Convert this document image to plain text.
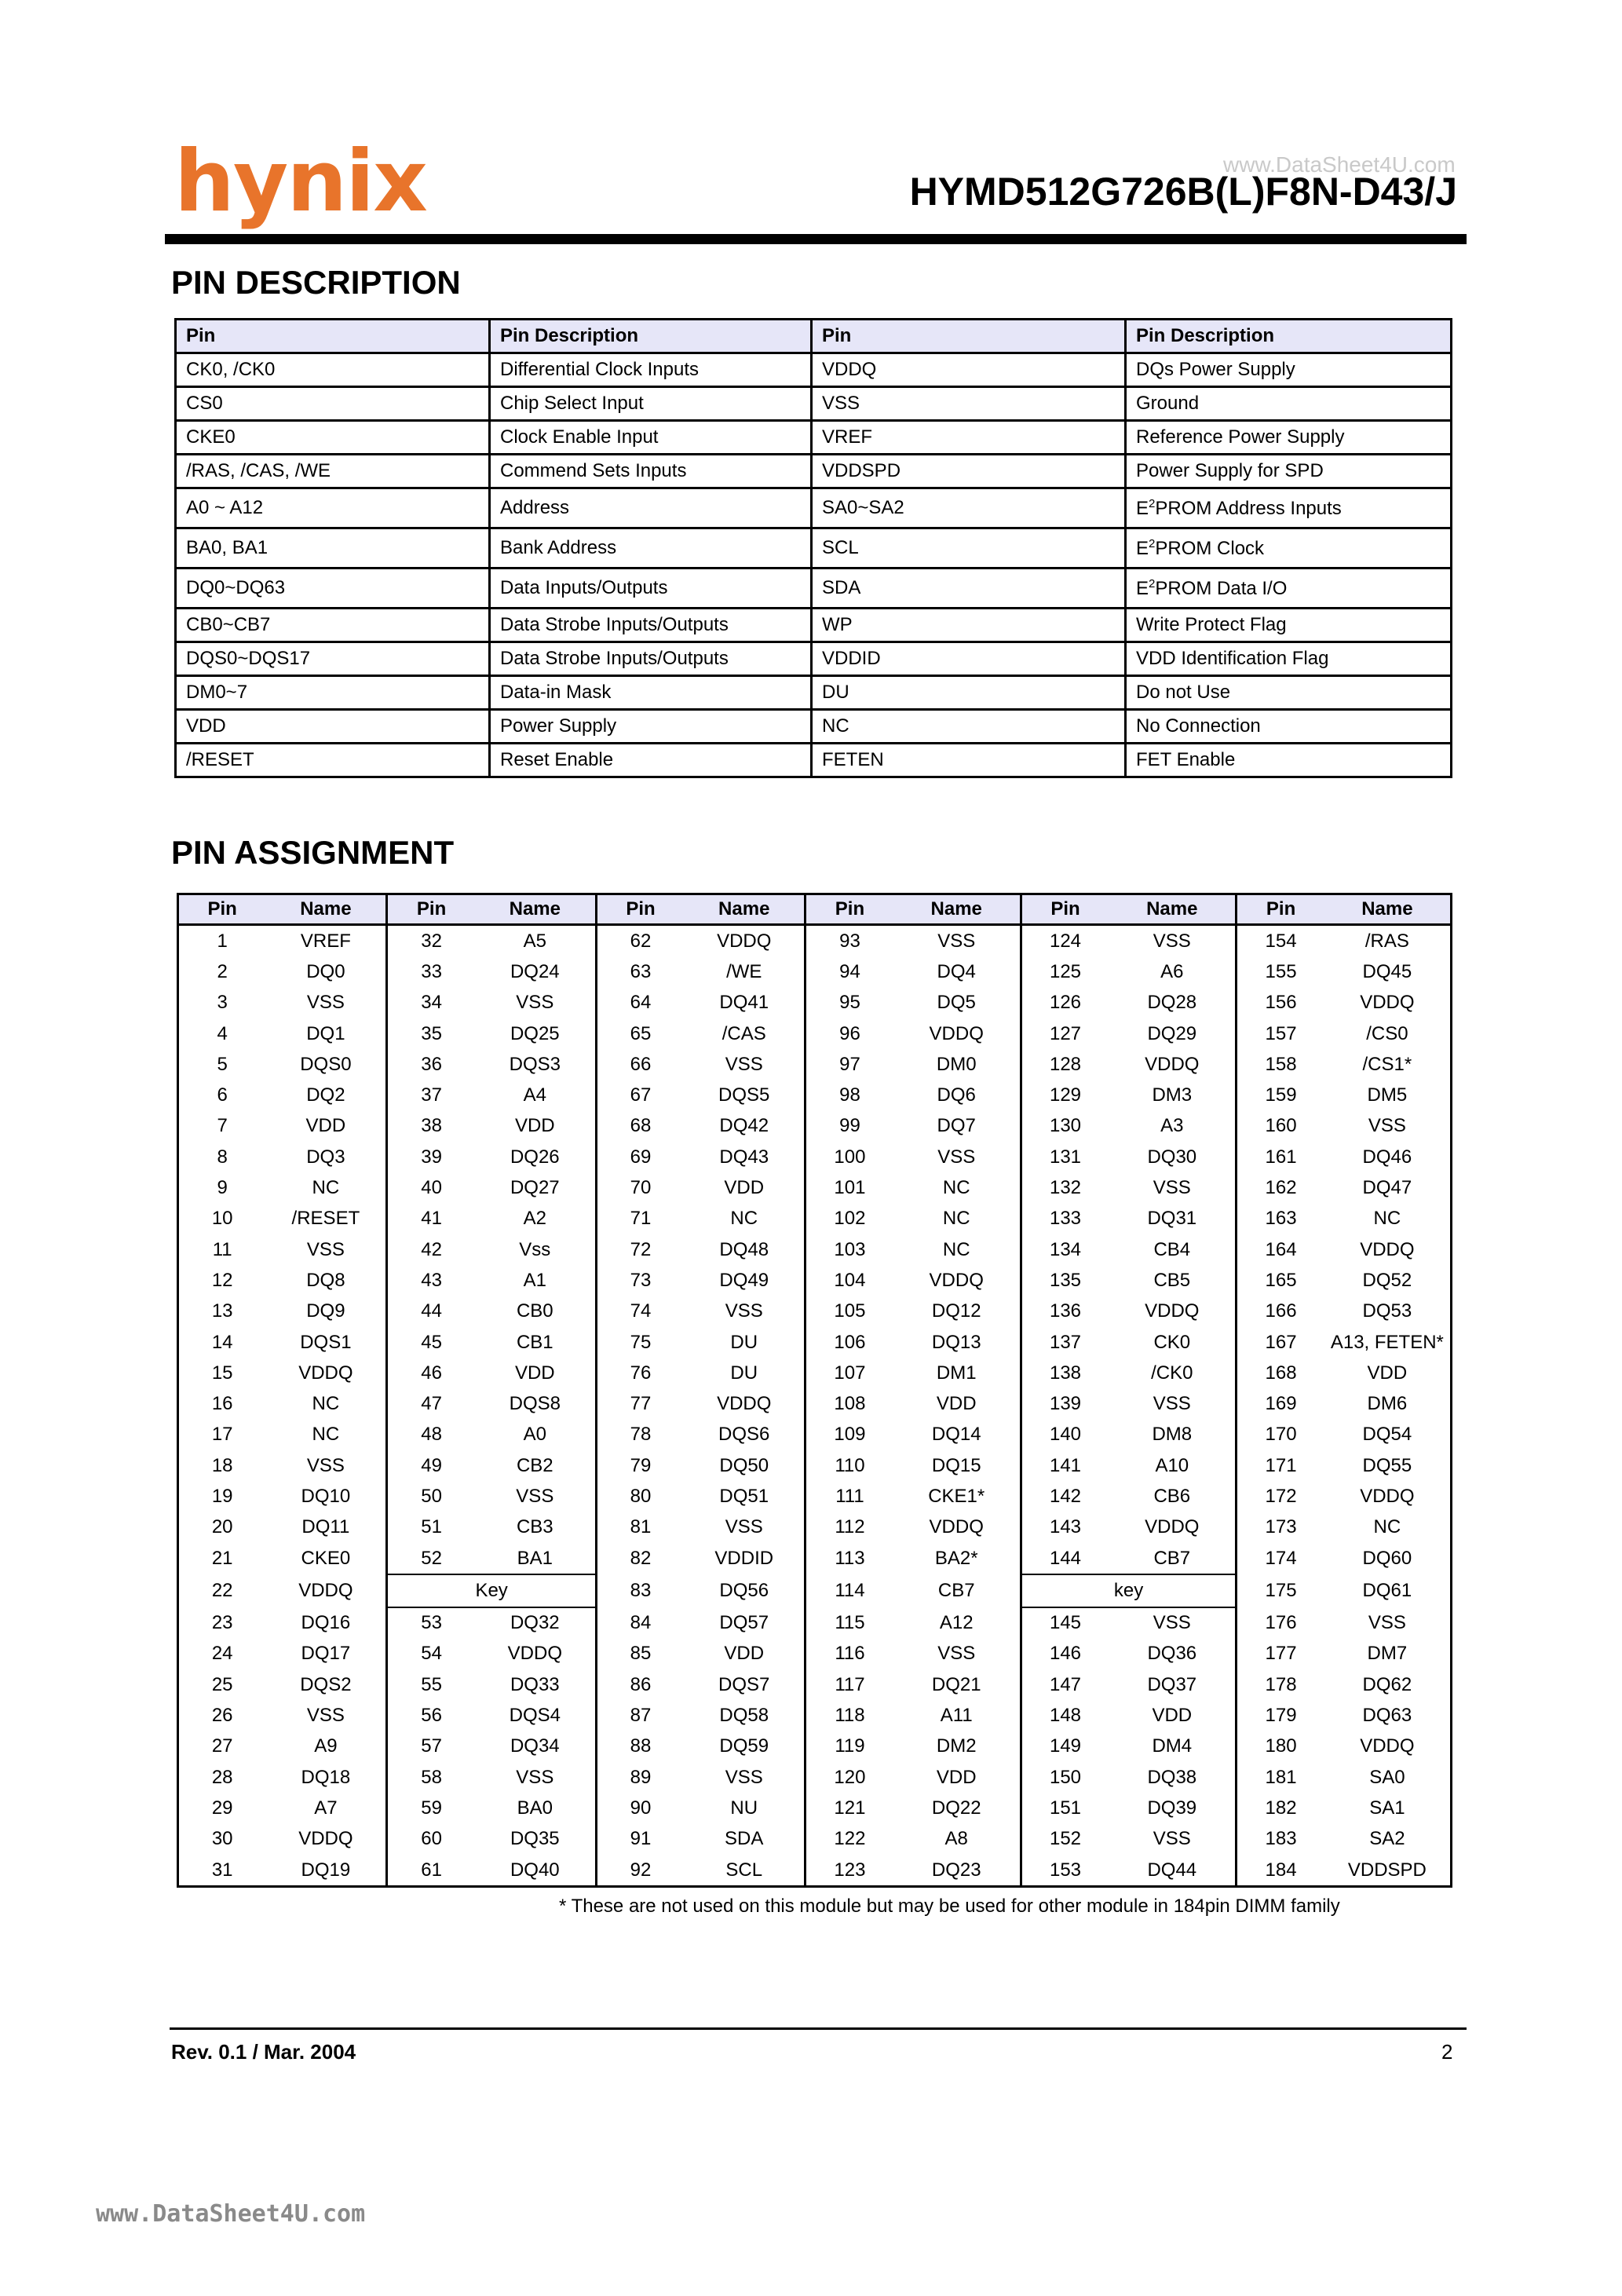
hynix	www.DataSheet4U.com
HYMD512G726B(L)F8N-D43/J
PIN DESCRIPTION
Pin	Pin Description	Pin	Pin Description
CK0, /CK0	Differential Clock Inputs	VDDQ	DQs Power Supply
CS0	Chip Select Input	VSS	Ground
CKE0	Clock Enable Input	VREF	Reference Power Supply
/RAS, /CAS, /WE	Commend Sets Inputs	VDDSPD	Power Supply for SPD
A0 ~ A12	Address	SA0~SA2	$E^2PROM$ Address Inputs
BA0, BA1	Bank Address	SCL	$E^2PROM$ Clock
DQ0~DQ63	Data Inputs/Outputs	SDA	$E^2PROM$ Data I/O
CB0~CB7	Data Strobe Inputs/Outputs	WP	Write Protect Flag
DQS0~DQS17	Data Strobe Inputs/Outputs	VDDID	VDD Identification Flag
DM0~7	Data-in Mask	DU	Do not Use
VDD	Power Supply	NC	No Connection
/RESET	Reset Enable	FETEN	FET Enable
PIN ASSIGNMENT
Pin	Name	Pin	Name	Pin	Name	Pin	Name	Pin	Name	Pin	Name
1	VREF	32	A5	62	VDDQ	93	VSS	124	VSS	154	/RAS
2	DQ0	33	DQ24	63	/WE	94	DQ4	125	A6	155	DQ45
3	VSS	34	VSS	64	DQ41	95	DQ5	126	DQ28	156	VDDQ
4	DQ1	35	DQ25	65	/CAS	96	VDDQ	127	DQ29	157	/CS0
5	DQS0	36	DQS3	66	VSS	97	DM0	128	VDDQ	158	/CS1*
6	DQ2	37	A4	67	DQS5	98	DQ6	129	DM3	159	DM5
7	VDD	38	VDD	68	DQ42	99	DQ7	130	A3	160	VSS
8	DQ3	39	DQ26	69	DQ43	100	VSS	131	DQ30	161	DQ46
9	NC	40	DQ27	70	VDD	101	NC	132	VSS	162	DQ47
10	/RESET	41	A2	71	NC	102	NC	133	DQ31	163	NC
11	VSS	42	Vss	72	DQ48	103	NC	134	CB4	164	VDDQ
12	DQ8	43	A1	73	DQ49	104	VDDQ	135	CB5	165	DQ52
13	DQ9	44	CB0	74	VSS	105	DQ12	136	VDDQ	166	DQ53
14	DQS1	45	CB1	75	DU	106	DQ13	137	CK0	167	A13, FETEN*
15	VDDQ	46	VDD	76	DU	107	DM1	138	/CK0	168	VDD
16	NC	47	DQS8	77	VDDQ	108	VDD	139	VSS	169	DM6
17	NC	48	A0	78	DQS6	109	DQ14	140	DM8	170	DQ54
18	VSS	49	CB2	79	DQ50	110	DQ15	141	A10	171	DQ55
19	DQ10	50	VSS	80	DQ51	111	CKE1*	142	CB6	172	VDDQ
20	DQ11	51	CB3	81	VSS	112	VDDQ	143	VDDQ	173	NC
21	CKE0	52	BA1	82	VDDID	113	BA2*	144	CB7	174	DQ60
22	VDDQ	Key		83	DQ56	114	CB7	key		175	DQ61
23	DQ16	53	DQ32	84	DQ57	115	A12	145	VSS	176	VSS
24	DQ17	54	VDDQ	85	VDD	116	VSS	146	DQ36	177	DM7
25	DQS2	55	DQ33	86	DQS7	117	DQ21	147	DQ37	178	DQ62
26	VSS	56	DQS4	87	DQ58	118	A11	148	VDD	179	DQ63
27	A9	57	DQ34	88	DQ59	119	DM2	149	DM4	180	VDDQ
28	DQ18	58	VSS	89	VSS	120	VDD	150	DQ38	181	SA0
29	A7	59	BA0	90	NU	121	DQ22	151	DQ39	182	SA1
30	VDDQ	60	DQ35	91	SDA	122	A8	152	VSS	183	SA2
31	DQ19	61	DQ40	92	SCL	123	DQ23	153	DQ44	184	VDDSPD
* These are not used on this module but may be used for other module in 184pin DIMM family
Rev. 0.1 / Mar. 2004	2
www.DataSheet4U.com
